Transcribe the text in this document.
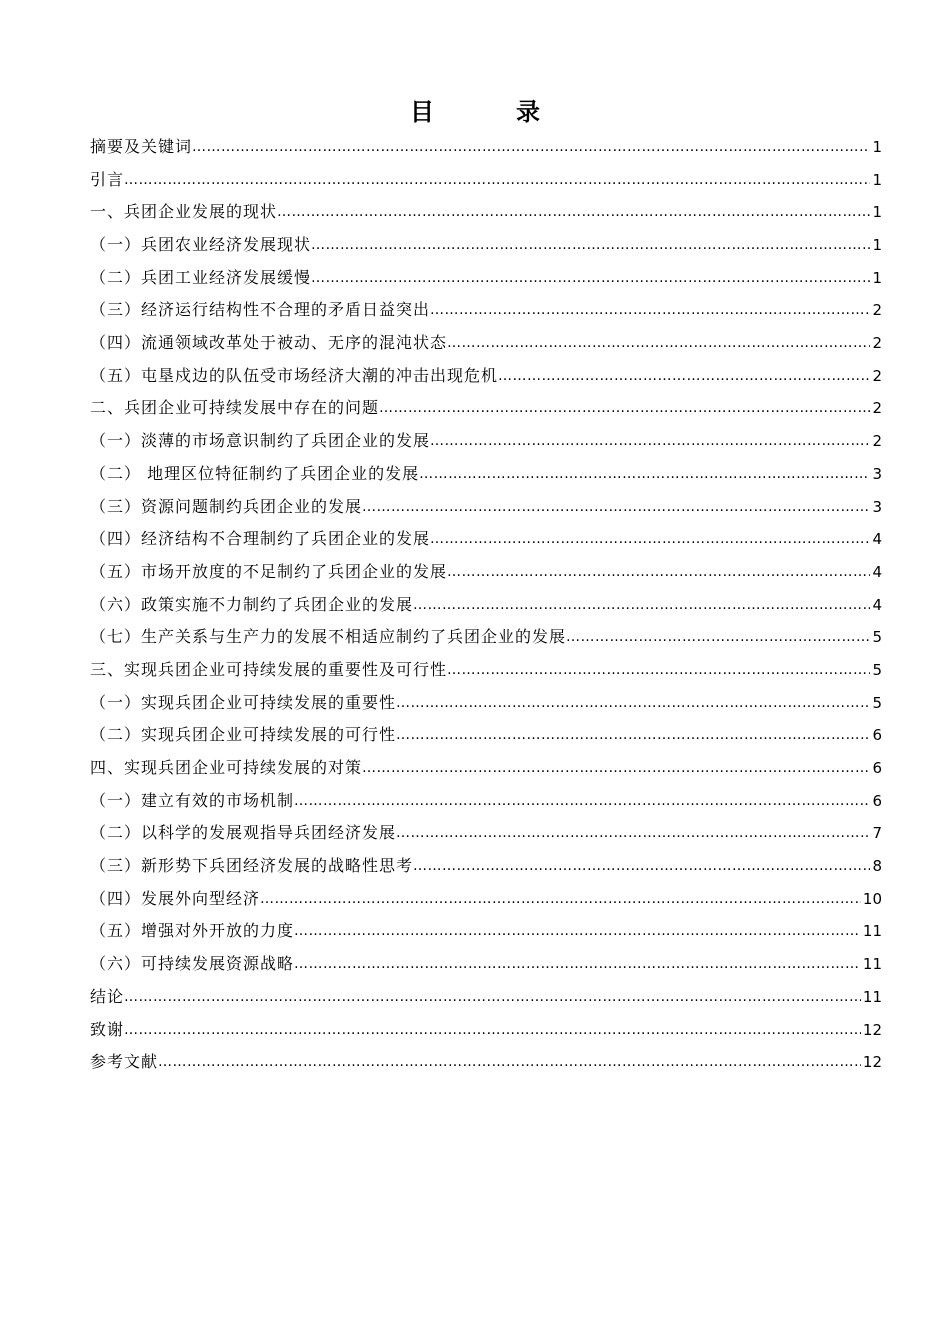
目	录
摘要及关键词 …………………………………………………………………………………………………………………………………………………………………………………………………………………………………………………………………………	1
引言 …………………………………………………………………………………………………………………………………………………………………………………………………………………………………………………………………………	1
一、兵团企业发展的现状 …………………………………………………………………………………………………………………………………………………………………………………………………………………………………………………………………………	1
（一）兵团农业经济发展现状 …………………………………………………………………………………………………………………………………………………………………………………………………………………………………………………………………………	1
（二）兵团工业经济发展缓慢 …………………………………………………………………………………………………………………………………………………………………………………………………………………………………………………………………………	1
（三）经济运行结构性不合理的矛盾日益突出 …………………………………………………………………………………………………………………………………………………………………………………………………………………………………………………………………………	2
（四）流通领域改革处于被动、无序的混沌状态 …………………………………………………………………………………………………………………………………………………………………………………………………………………………………………………………………………	2
（五）屯垦戍边的队伍受市场经济大潮的冲击出现危机 …………………………………………………………………………………………………………………………………………………………………………………………………………………………………………………………………………	2
二、兵团企业可持续发展中存在的问题 …………………………………………………………………………………………………………………………………………………………………………………………………………………………………………………………………………	2
（一）淡薄的市场意识制约了兵团企业的发展 …………………………………………………………………………………………………………………………………………………………………………………………………………………………………………………………………………	2
（二） 地理区位特征制约了兵团企业的发展 …………………………………………………………………………………………………………………………………………………………………………………………………………………………………………………………………………	3
（三）资源问题制约兵团企业的发展 …………………………………………………………………………………………………………………………………………………………………………………………………………………………………………………………………………	3
（四）经济结构不合理制约了兵团企业的发展 …………………………………………………………………………………………………………………………………………………………………………………………………………………………………………………………………………	4
（五）市场开放度的不足制约了兵团企业的发展 …………………………………………………………………………………………………………………………………………………………………………………………………………………………………………………………………………	4
（六）政策实施不力制约了兵团企业的发展 …………………………………………………………………………………………………………………………………………………………………………………………………………………………………………………………………………	4
（七）生产关系与生产力的发展不相适应制约了兵团企业的发展 …………………………………………………………………………………………………………………………………………………………………………………………………………………………………………………………………………	5
三、实现兵团企业可持续发展的重要性及可行性 …………………………………………………………………………………………………………………………………………………………………………………………………………………………………………………………………………	5
（一）实现兵团企业可持续发展的重要性 …………………………………………………………………………………………………………………………………………………………………………………………………………………………………………………………………………	5
（二）实现兵团企业可持续发展的可行性 …………………………………………………………………………………………………………………………………………………………………………………………………………………………………………………………………………	6
四、实现兵团企业可持续发展的对策 …………………………………………………………………………………………………………………………………………………………………………………………………………………………………………………………………………	6
（一）建立有效的市场机制 …………………………………………………………………………………………………………………………………………………………………………………………………………………………………………………………………………	6
（二）以科学的发展观指导兵团经济发展 …………………………………………………………………………………………………………………………………………………………………………………………………………………………………………………………………………	7
（三）新形势下兵团经济发展的战略性思考 …………………………………………………………………………………………………………………………………………………………………………………………………………………………………………………………………………	8
（四）发展外向型经济 …………………………………………………………………………………………………………………………………………………………………………………………………………………………………………………………………………	10
（五）增强对外开放的力度 …………………………………………………………………………………………………………………………………………………………………………………………………………………………………………………………………………	11
（六）可持续发展资源战略 …………………………………………………………………………………………………………………………………………………………………………………………………………………………………………………………………………	11
结论 …………………………………………………………………………………………………………………………………………………………………………………………………………………………………………………………………………	11
致谢 …………………………………………………………………………………………………………………………………………………………………………………………………………………………………………………………………………	12
参考文献 …………………………………………………………………………………………………………………………………………………………………………………………………………………………………………………………………………	12
